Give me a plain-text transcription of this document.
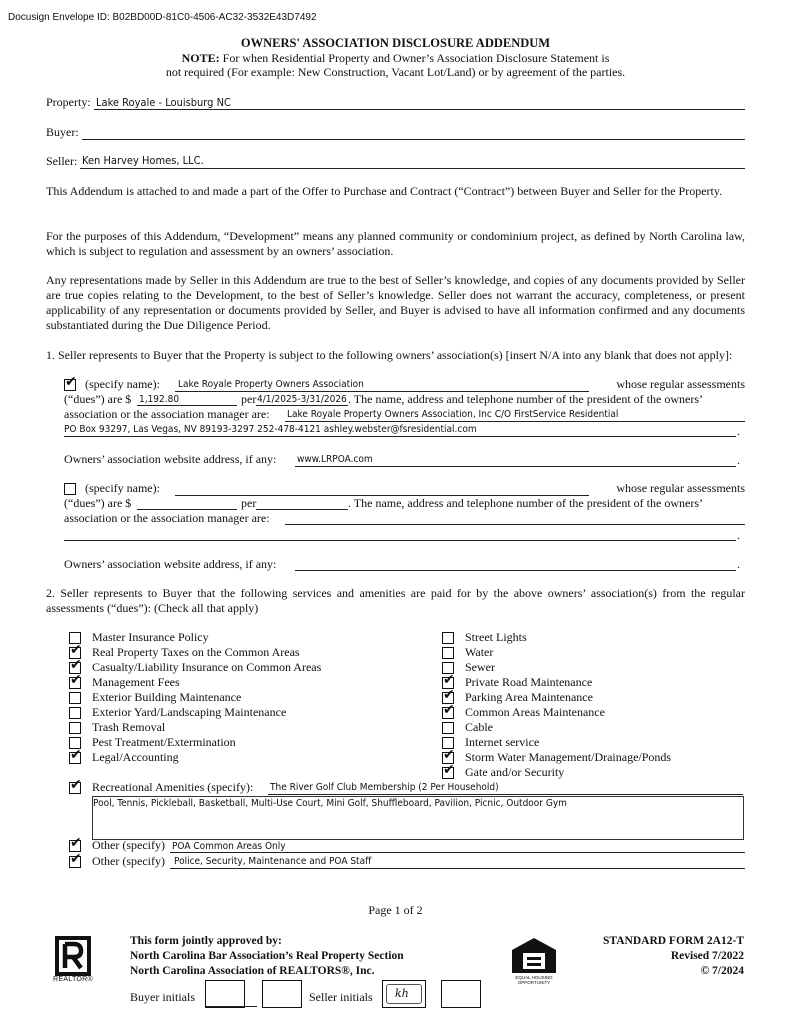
Docusign Envelope ID: B02BD00D-81C0-4506-AC32-3532E43D7492
OWNERS' ASSOCIATION DISCLOSURE ADDENDUM
NOTE: For when Residential Property and Owner’s Association Disclosure Statement is
not required (For example: New Construction, Vacant Lot/Land) or by agreement of the parties.
Property: Lake Royale - Louisburg NC
Buyer:
Seller: Ken Harvey Homes, LLC.
This Addendum is attached to and made a part of the Offer to Purchase and Contract (“Contract”) between Buyer and Seller for the Property.
For the purposes of this Addendum, “Development” means any planned community or condominium project, as defined by North Carolina law, which is subject to regulation and assessment by an owners’ association.
Any representations made by Seller in this Addendum are true to the best of Seller’s knowledge, and copies of any documents provided by Seller are true copies relating to the Development, to the best of Seller’s knowledge. Seller does not warrant the accuracy, completeness, or present applicability of any representation or documents provided by Seller, and Buyer is advised to have all information confirmed and any documents substantiated during the Due Diligence Period.
1. Seller represents to Buyer that the Property is subject to the following owners’ association(s) [insert N/A into any blank that does not apply]:
✔ (specify name): Lake Royale Property Owners Association	whose regular assessments
(“dues”) are $ 1,192.80	per 4/1/2025-3/31/2026 . The name, address and telephone number of the president of the owners’
association or the association manager are: Lake Royale Property Owners Association, Inc C/O FirstService Residential
PO Box 93297, Las Vegas, NV 89193-3297 252-478-4121 ashley.webster@fsresidential.com	.
Owners’ association website address, if any: www.LRPOA.com	.
(specify name):	whose regular assessments
(“dues”) are $	per	. The name, address and telephone number of the president of the owners’
association or the association manager are:
.
Owners’ association website address, if any:	.
2. Seller represents to Buyer that the following services and amenities are paid for by the above owners’ association(s) from the regular assessments (“dues”): (Check all that apply)
Master Insurance Policy
✔ Real Property Taxes on the Common Areas
✔ Casualty/Liability Insurance on Common Areas
✔ Management Fees
Exterior Building Maintenance
Exterior Yard/Landscaping Maintenance
Trash Removal
Pest Treatment/Extermination
✔ Legal/Accounting
Street Lights
Water
Sewer
✔ Private Road Maintenance
✔ Parking Area Maintenance
✔ Common Areas Maintenance
Cable
Internet service
✔ Storm Water Management/Drainage/Ponds
✔ Gate and/or Security
✔ Recreational Amenities (specify): The River Golf Club Membership (2 Per Household)
Pool, Tennis, Pickleball, Basketball, Multi-Use Court, Mini Golf, Shuffleboard, Pavilion, Picnic, Outdoor Gym
✔ Other (specify) POA Common Areas Only
✔ Other (specify) Police, Security, Maintenance and POA Staff
Page 1 of 2
REALTOR®
This form jointly approved by:
North Carolina Bar Association’s Real Property Section
North Carolina Association of REALTORS®, Inc.
EQUAL HOUSING OPPORTUNITY
STANDARD FORM 2A12-T
Revised 7/2022
© 7/2024
Buyer initials	Seller initials kh
